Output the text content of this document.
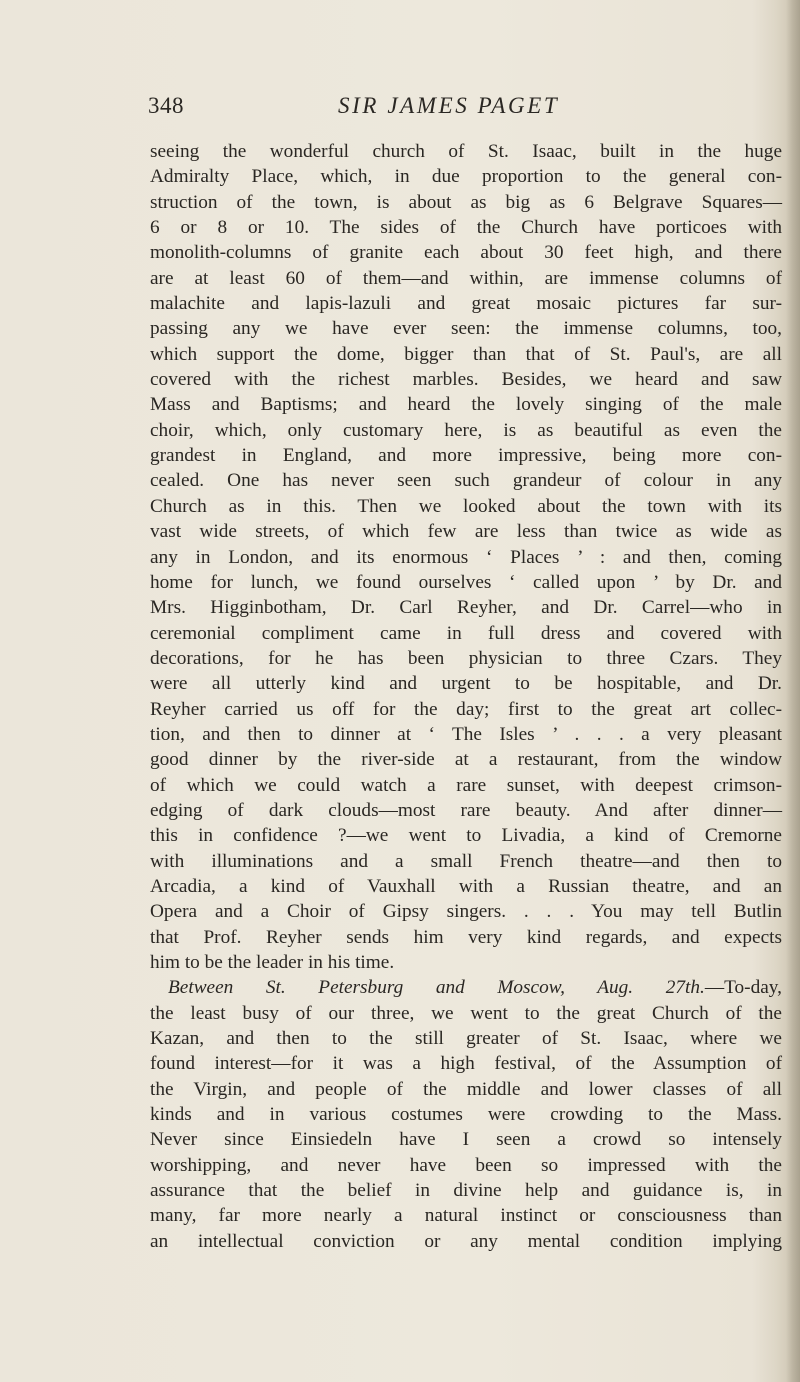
348	SIR JAMES PAGET
seeing the wonderful church of St. Isaac, built in the huge
Admiralty Place, which, in due proportion to the general con-
struction of the town, is about as big as 6 Belgrave Squares—
6 or 8 or 10. The sides of the Church have porticoes with
monolith-columns of granite each about 30 feet high, and there
are at least 60 of them—and within, are immense columns of
malachite and lapis-lazuli and great mosaic pictures far sur-
passing any we have ever seen: the immense columns, too,
which support the dome, bigger than that of St. Paul's, are all
covered with the richest marbles. Besides, we heard and saw
Mass and Baptisms; and heard the lovely singing of the male
choir, which, only customary here, is as beautiful as even the
grandest in England, and more impressive, being more con-
cealed. One has never seen such grandeur of colour in any
Church as in this. Then we looked about the town with its
vast wide streets, of which few are less than twice as wide as
any in London, and its enormous ‘ Places ’ : and then, coming
home for lunch, we found ourselves ‘ called upon ’ by Dr. and
Mrs. Higginbotham, Dr. Carl Reyher, and Dr. Carrel—who in
ceremonial compliment came in full dress and covered with
decorations, for he has been physician to three Czars. They
were all utterly kind and urgent to be hospitable, and Dr.
Reyher carried us off for the day; first to the great art collec-
tion, and then to dinner at ‘ The Isles ’ . . . a very pleasant
good dinner by the river-side at a restaurant, from the window
of which we could watch a rare sunset, with deepest crimson-
edging of dark clouds—most rare beauty. And after dinner—
this in confidence ?—we went to Livadia, a kind of Cremorne
with illuminations and a small French theatre—and then to
Arcadia, a kind of Vauxhall with a Russian theatre, and an
Opera and a Choir of Gipsy singers. . . . You may tell Butlin
that Prof. Reyher sends him very kind regards, and expects
him to be the leader in his time.
Between St. Petersburg and Moscow, Aug. 27th.—To-day,
the least busy of our three, we went to the great Church of the
Kazan, and then to the still greater of St. Isaac, where we
found interest—for it was a high festival, of the Assumption of
the Virgin, and people of the middle and lower classes of all
kinds and in various costumes were crowding to the Mass.
Never since Einsiedeln have I seen a crowd so intensely
worshipping, and never have been so impressed with the
assurance that the belief in divine help and guidance is, in
many, far more nearly a natural instinct or consciousness than
an intellectual conviction or any mental condition implying
